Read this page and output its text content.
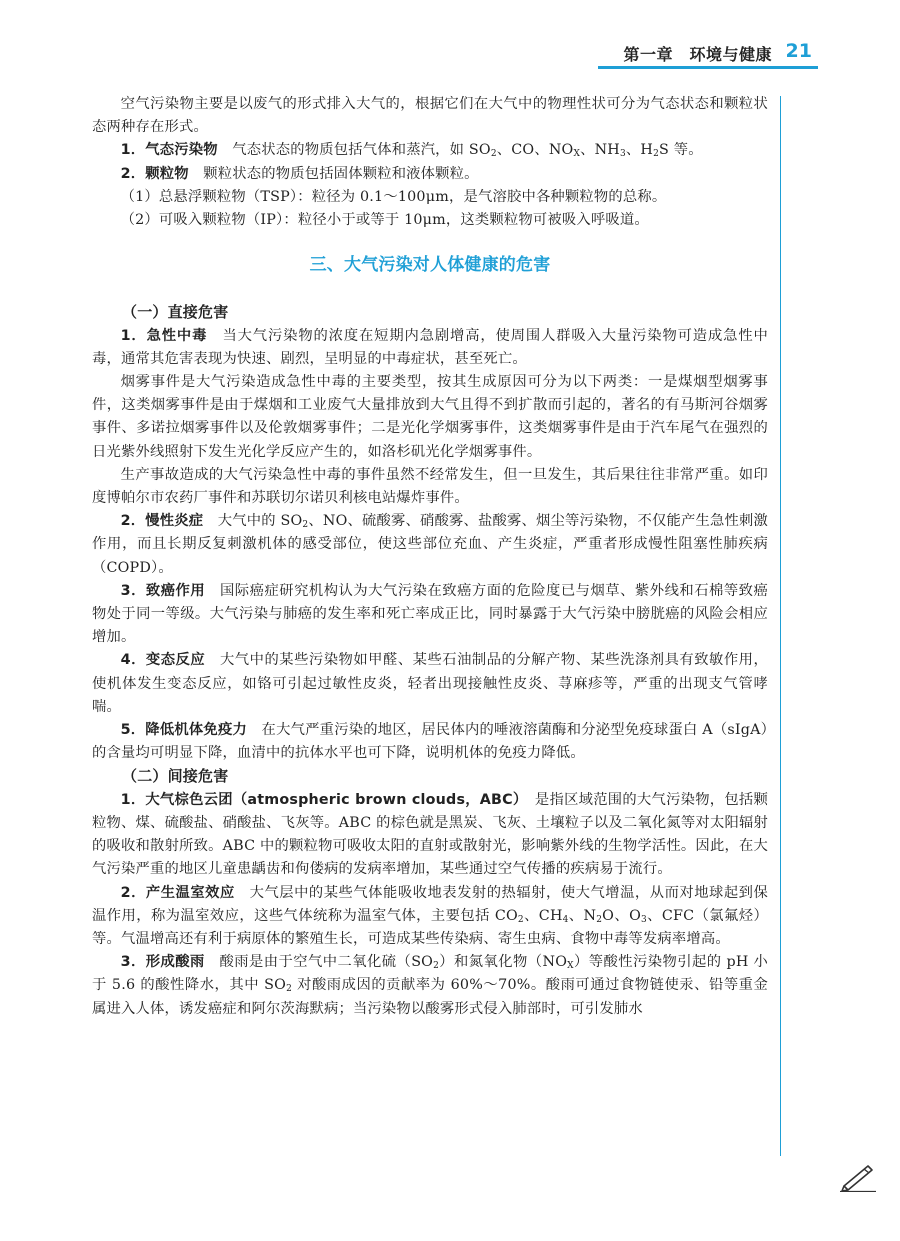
第一章　环境与健康 21

空气污染物主要是以废气的形式排入大气的，根据它们在大气中的物理性状可分为气态状态和颗粒状态两种存在形式。

1．气态污染物　气态状态的物质包括气体和蒸汽，如 $SO_2$、CO、$NO_X$、$NH_3$、$H_2S$ 等。

2．颗粒物　颗粒状态的物质包括固体颗粒和液体颗粒。

（1）总悬浮颗粒物（TSP）：粒径为 0.1～100μm，是气溶胶中各种颗粒物的总称。

（2）可吸入颗粒物（IP）：粒径小于或等于 10μm，这类颗粒物可被吸入呼吸道。

三、大气污染对人体健康的危害

（一）直接危害

1．急性中毒　当大气污染物的浓度在短期内急剧增高，使周围人群吸入大量污染物可造成急性中毒，通常其危害表现为快速、剧烈，呈明显的中毒症状，甚至死亡。

烟雾事件是大气污染造成急性中毒的主要类型，按其生成原因可分为以下两类：一是煤烟型烟雾事件，这类烟雾事件是由于煤烟和工业废气大量排放到大气且得不到扩散而引起的，著名的有马斯河谷烟雾事件、多诺拉烟雾事件以及伦敦烟雾事件；二是光化学烟雾事件，这类烟雾事件是由于汽车尾气在强烈的日光紫外线照射下发生光化学反应产生的，如洛杉矶光化学烟雾事件。

生产事故造成的大气污染急性中毒的事件虽然不经常发生，但一旦发生，其后果往往非常严重。如印度博帕尔市农药厂事件和苏联切尔诺贝利核电站爆炸事件。

2．慢性炎症　大气中的 $SO_2$、NO、硫酸雾、硝酸雾、盐酸雾、烟尘等污染物，不仅能产生急性刺激作用，而且长期反复刺激机体的感受部位，使这些部位充血、产生炎症，严重者形成慢性阻塞性肺疾病（COPD）。

3．致癌作用　国际癌症研究机构认为大气污染在致癌方面的危险度已与烟草、紫外线和石棉等致癌物处于同一等级。大气污染与肺癌的发生率和死亡率成正比，同时暴露于大气污染中膀胱癌的风险会相应增加。

4．变态反应　大气中的某些污染物如甲醛、某些石油制品的分解产物、某些洗涤剂具有致敏作用，使机体发生变态反应，如铬可引起过敏性皮炎，轻者出现接触性皮炎、荨麻疹等，严重的出现支气管哮喘。

5．降低机体免疫力　在大气严重污染的地区，居民体内的唾液溶菌酶和分泌型免疫球蛋白 A（sIgA）的含量均可明显下降，血清中的抗体水平也可下降，说明机体的免疫力降低。

（二）间接危害

1．大气棕色云团（atmospheric brown clouds，ABC）　是指区域范围的大气污染物，包括颗粒物、煤、硫酸盐、硝酸盐、飞灰等。ABC 的棕色就是黑炭、飞灰、土壤粒子以及二氧化氮等对太阳辐射的吸收和散射所致。ABC 中的颗粒物可吸收太阳的直射或散射光，影响紫外线的生物学活性。因此，在大气污染严重的地区儿童患龋齿和佝偻病的发病率增加，某些通过空气传播的疾病易于流行。

2．产生温室效应　大气层中的某些气体能吸收地表发射的热辐射，使大气增温，从而对地球起到保温作用，称为温室效应，这些气体统称为温室气体，主要包括 $CO_2$、$CH_4$、$N_2O$、$O_3$、CFC（氯氟烃）等。气温增高还有利于病原体的繁殖生长，可造成某些传染病、寄生虫病、食物中毒等发病率增高。

3．形成酸雨　酸雨是由于空气中二氧化硫$(SO_2)$和氮氧化物$(NO_X)$等酸性污染物引起的 pH 小于 5.6 的酸性降水，其中 $SO_2$ 对酸雨成因的贡献率为 60%～70%。酸雨可通过食物链使汞、铅等重金属进入人体，诱发癌症和阿尔茨海默病；当污染物以酸雾形式侵入肺部时，可引发肺水
